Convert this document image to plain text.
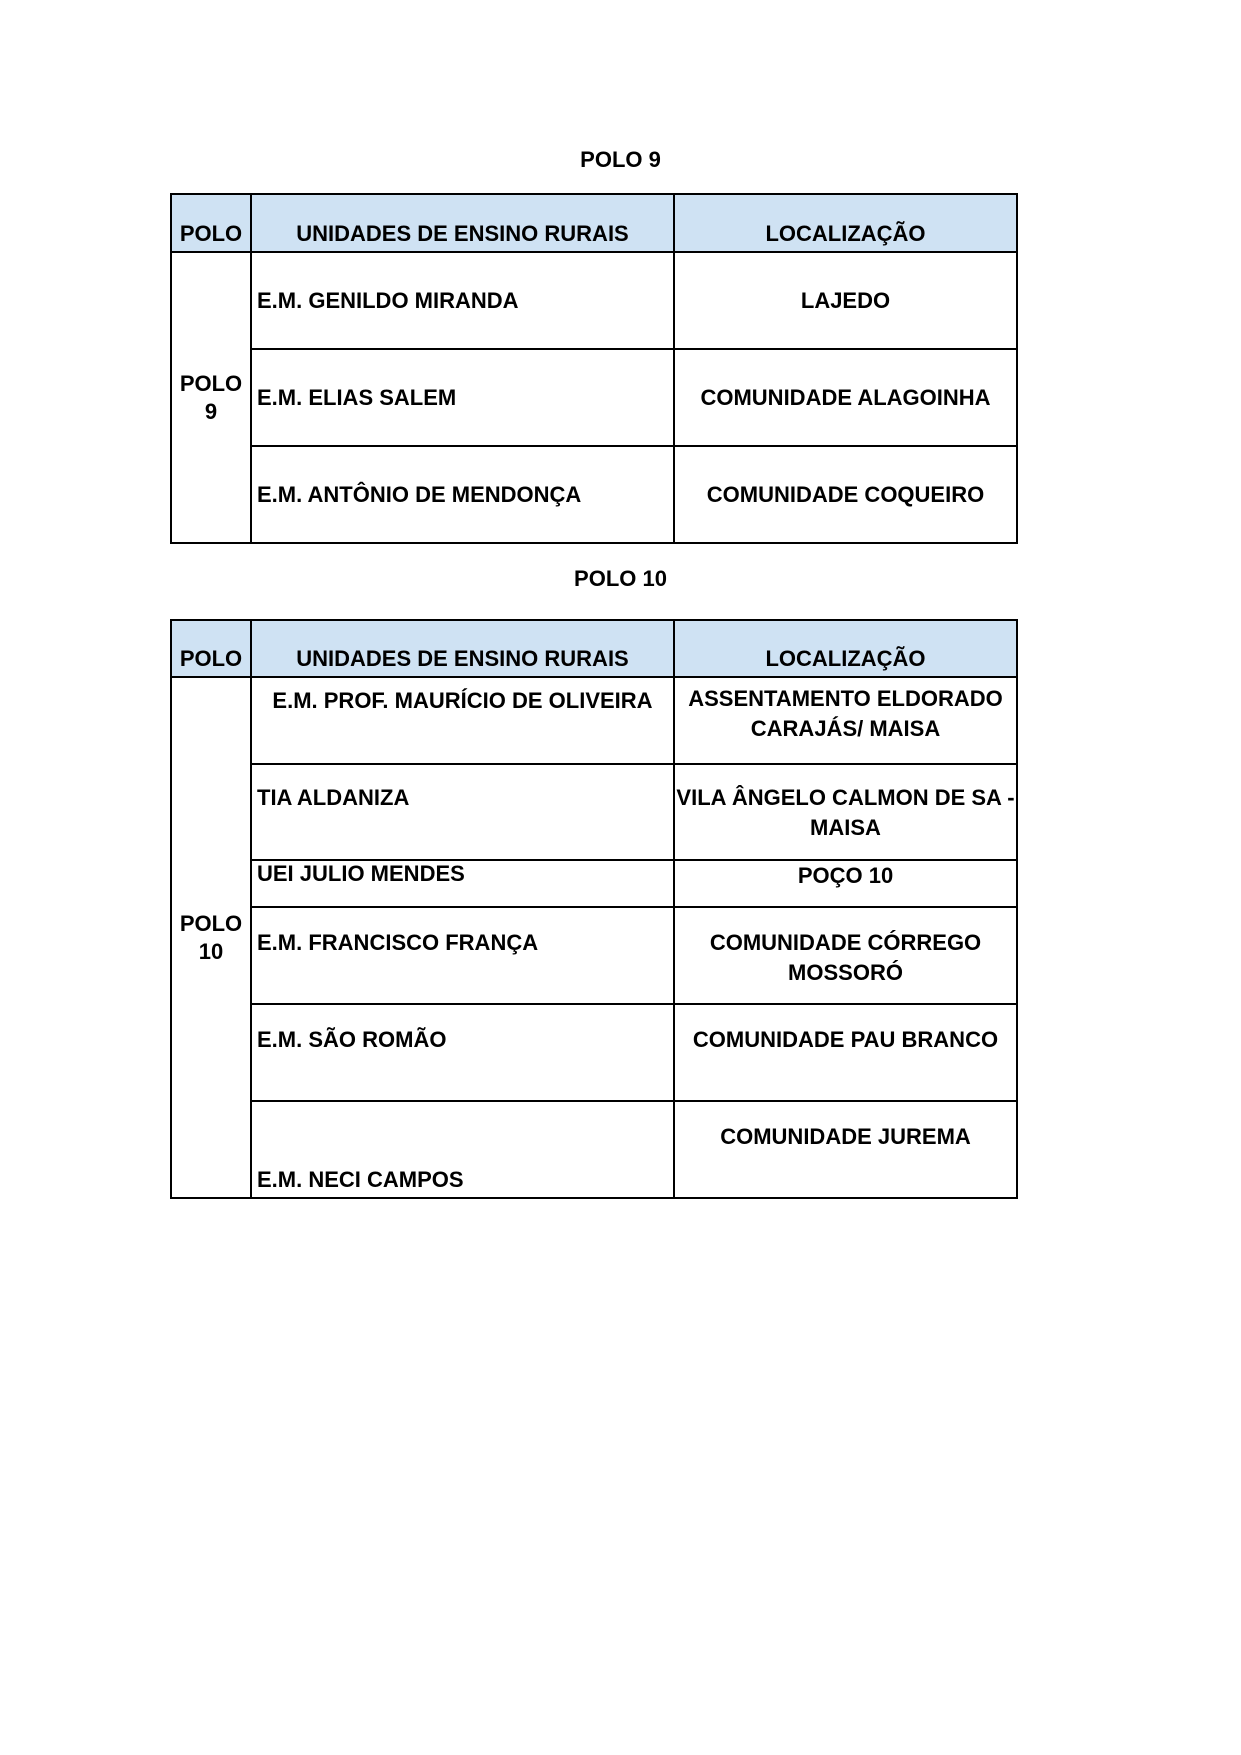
POLO 9
POLO	UNIDADES DE ENSINO RURAIS	LOCALIZAÇÃO

POLO
9	E.M. GENILDO MIRANDA	LAJEDO
	E.M. ELIAS SALEM	COMUNIDADE ALAGOINHA
	E.M. ANTÔNIO DE MENDONÇA	COMUNIDADE COQUEIRO
POLO 10
POLO	UNIDADES DE ENSINO RURAIS	LOCALIZAÇÃO

POLO
10	E.M. PROF. MAURÍCIO DE OLIVEIRA	ASSENTAMENTO ELDORADO CARAJÁS/ MAISA
	TIA ALDANIZA	VILA ÂNGELO CALMON DE SA - MAISA
	UEI JULIO MENDES	POÇO 10
	E.M. FRANCISCO FRANÇA	COMUNIDADE CÓRREGO MOSSORÓ
	E.M. SÃO ROMÃO	COMUNIDADE PAU BRANCO
	E.M. NECI CAMPOS	COMUNIDADE JUREMA
